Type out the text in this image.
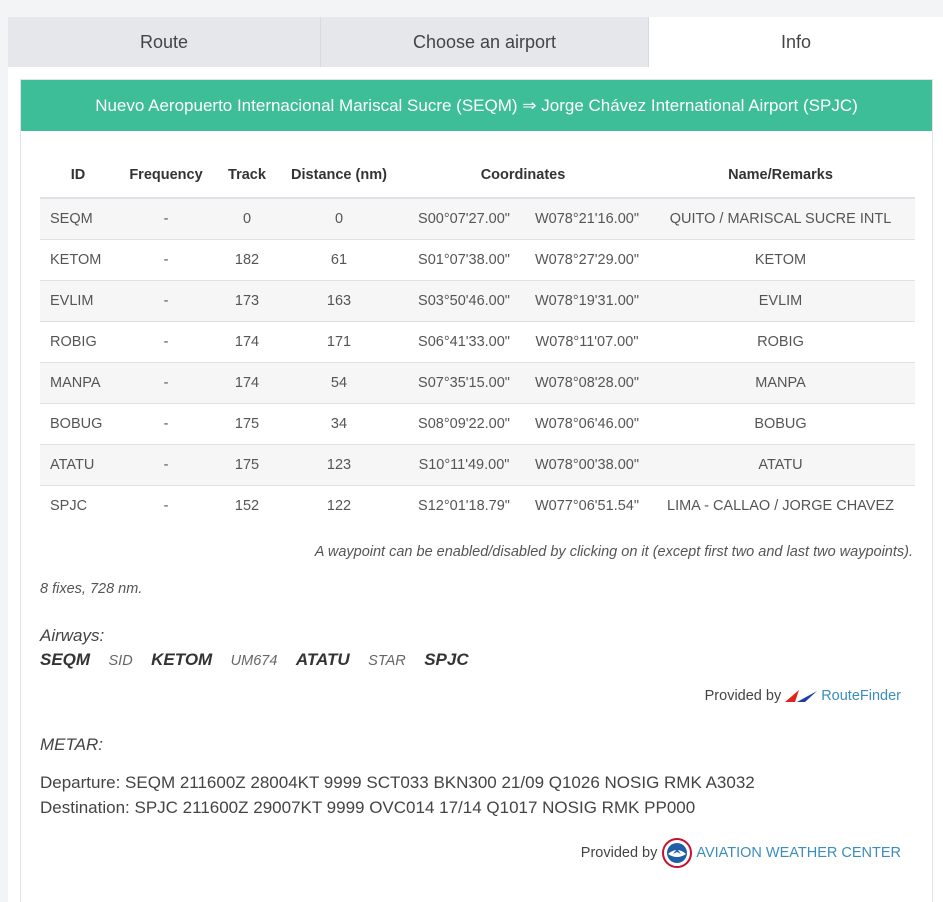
Route	Choose an airport	Info
Nuevo Aeropuerto Internacional Mariscal Sucre (SEQM) ⇒ Jorge Chávez International Airport (SPJC)
ID	Frequency	Track	Distance (nm)	Coordinates		Name/Remarks
SEQM	-	0	0	S00°07'27.00"	W078°21'16.00"	QUITO / MARISCAL SUCRE INTL
KETOM	-	182	61	S01°07'38.00"	W078°27'29.00"	KETOM
EVLIM	-	173	163	S03°50'46.00"	W078°19'31.00"	EVLIM
ROBIG	-	174	171	S06°41'33.00"	W078°11'07.00"	ROBIG
MANPA	-	174	54	S07°35'15.00"	W078°08'28.00"	MANPA
BOBUG	-	175	34	S08°09'22.00"	W078°06'46.00"	BOBUG
ATATU	-	175	123	S10°11'49.00"	W078°00'38.00"	ATATU
SPJC	-	152	122	S12°01'18.79"	W077°06'51.54"	LIMA - CALLAO / JORGE CHAVEZ
A waypoint can be enabled/disabled by clicking on it (except first two and last two waypoints).
8 fixes, 728 nm.
Airways:
SEQM SID KETOM UM674 ATATU STAR SPJC
Provided by	RouteFinder
METAR:
Departure: SEQM 211600Z 28004KT 9999 SCT033 BKN300 21/09 Q1026 NOSIG RMK A3032
Destination: SPJC 211600Z 29007KT 9999 OVC014 17/14 Q1017 NOSIG RMK PP000
Provided by	AVIATION WEATHER CENTER
